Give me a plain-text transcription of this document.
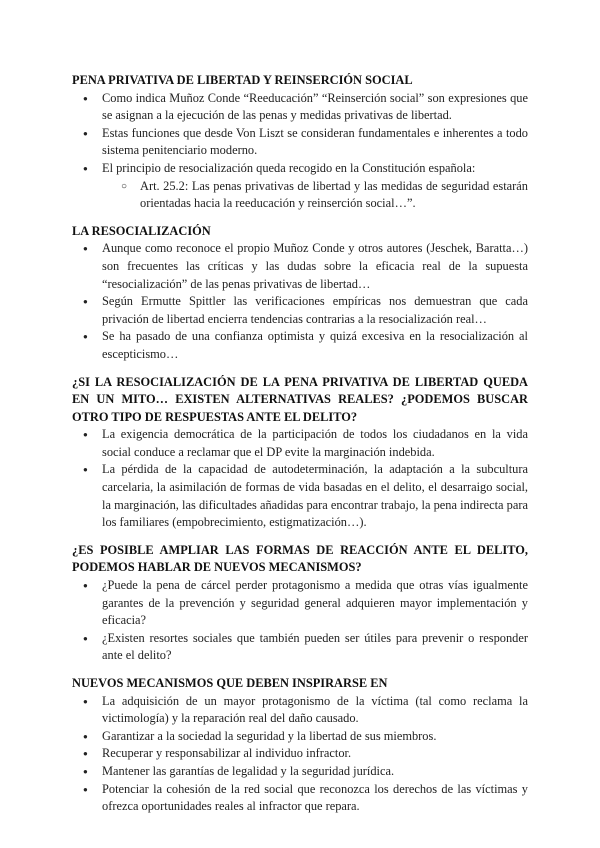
PENA PRIVATIVA DE LIBERTAD Y REINSERCIÓN SOCIAL
● Como indica Muñoz Conde “Reeducación” “Reinserción social” son expresiones que se asignan a la ejecución de las penas y medidas privativas de libertad.
● Estas funciones que desde Von Liszt se consideran fundamentales e inherentes a todo sistema penitenciario moderno.
● El principio de resocialización queda recogido en la Constitución española:
○ Art. 25.2: Las penas privativas de libertad y las medidas de seguridad estarán orientadas hacia la reeducación y reinserción social…”.
LA RESOCIALIZACIÓN
● Aunque como reconoce el propio Muñoz Conde y otros autores (Jeschek, Baratta…) son frecuentes las críticas y las dudas sobre la eficacia real de la supuesta “resocialización” de las penas privativas de libertad…
● Según Ermutte Spittler las verificaciones empíricas nos demuestran que cada privación de libertad encierra tendencias contrarias a la resocialización real…
● Se ha pasado de una confianza optimista y quizá excesiva en la resocialización al escepticismo…
¿SI LA RESOCIALIZACIÓN DE LA PENA PRIVATIVA DE LIBERTAD QUEDA EN UN MITO… EXISTEN ALTERNATIVAS REALES? ¿PODEMOS BUSCAR OTRO TIPO DE RESPUESTAS ANTE EL DELITO?
● La exigencia democrática de la participación de todos los ciudadanos en la vida social conduce a reclamar que el DP evite la marginación indebida.
● La pérdida de la capacidad de autodeterminación, la adaptación a la subcultura carcelaria, la asimilación de formas de vida basadas en el delito, el desarraigo social, la marginación, las dificultades añadidas para encontrar trabajo, la pena indirecta para los familiares (empobrecimiento, estigmatización…).
¿ES POSIBLE AMPLIAR LAS FORMAS DE REACCIÓN ANTE EL DELITO, PODEMOS HABLAR DE NUEVOS MECANISMOS?
● ¿Puede la pena de cárcel perder protagonismo a medida que otras vías igualmente garantes de la prevención y seguridad general adquieren mayor implementación y eficacia?
● ¿Existen resortes sociales que también pueden ser útiles para prevenir o responder ante el delito?
NUEVOS MECANISMOS QUE DEBEN INSPIRARSE EN
● La adquisición de un mayor protagonismo de la víctima (tal como reclama la victimología) y la reparación real del daño causado.
● Garantizar a la sociedad la seguridad y la libertad de sus miembros.
● Recuperar y responsabilizar al individuo infractor.
● Mantener las garantías de legalidad y la seguridad jurídica.
● Potenciar la cohesión de la red social que reconozca los derechos de las víctimas y ofrezca oportunidades reales al infractor que repara.
